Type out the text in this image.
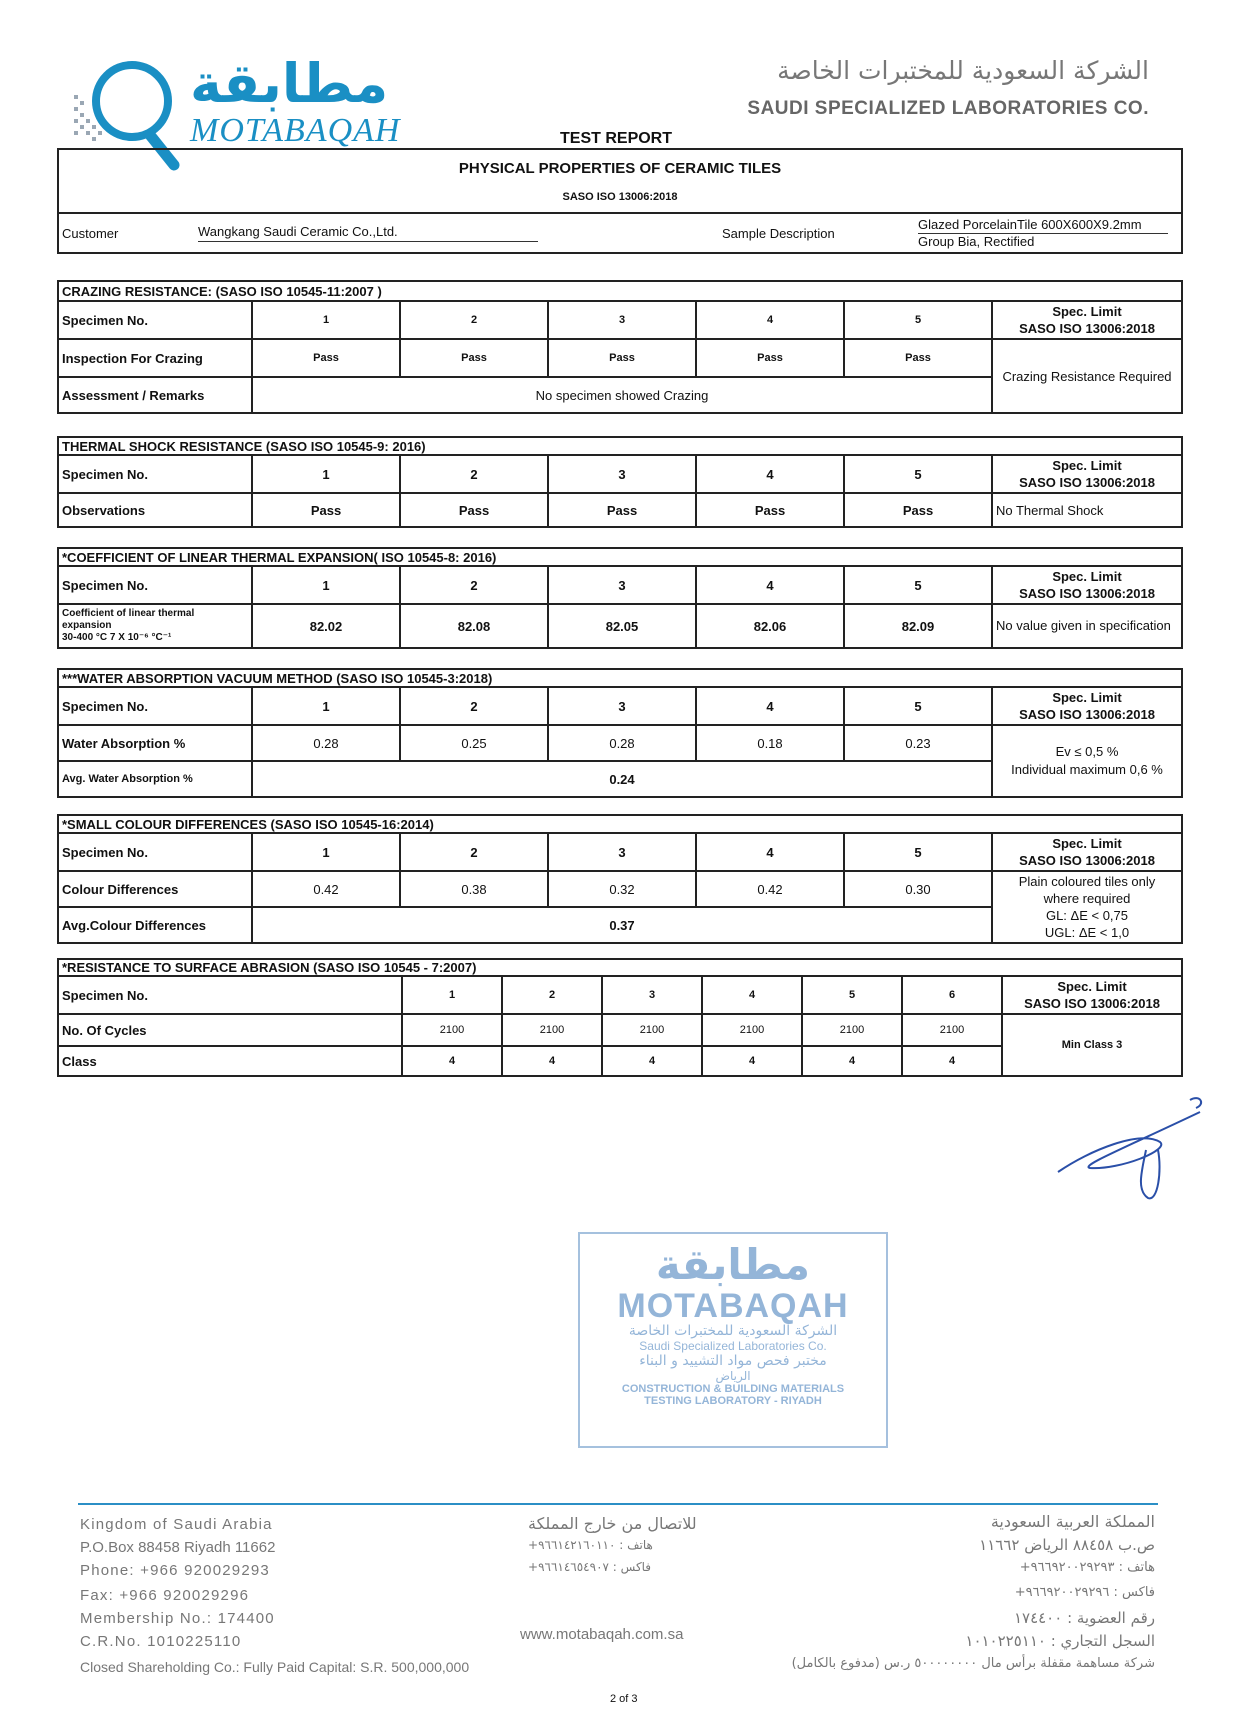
مطابقة
MOTABAQAH
الشركة السعودية للمختبرات الخاصة
SAUDI SPECIALIZED LABORATORIES CO.
TEST REPORT
PHYSICAL PROPERTIES OF CERAMIC TILES
SASO ISO 13006:2018

Customer	Wangkang Saudi Ceramic Co.,Ltd.	Sample Description	
Glazed PorcelainTile 600X600X9.2mm
Group Bia, Rectified
CRAZING RESISTANCE: (SASO ISO 10545-11:2007 )						
Specimen No.	1	2	3	4	5	Spec. Limit
SASO ISO 13006:2018

Inspection For Crazing	Pass	Pass	Pass	Pass	Pass	Crazing Resistance Required
Assessment / Remarks	No specimen showed Crazing					
THERMAL SHOCK RESISTANCE (SASO ISO 10545-9: 2016)						
Specimen No.	1	2	3	4	5	Spec. Limit
SASO ISO 13006:2018

Observations	Pass	Pass	Pass	Pass	Pass	No Thermal Shock
*COEFFICIENT OF LINEAR THERMAL EXPANSION( ISO 10545-8: 2016)						
Specimen No.	1	2	3	4	5	Spec. Limit
SASO ISO 13006:2018

Coefficient of linear thermal
expansion
30-400 °C 7 X 10⁻⁶ °C⁻¹	82.02	82.08	82.05	82.06	82.09	No value given in specification
***WATER ABSORPTION VACUUM METHOD (SASO ISO 10545-3:2018)						
Specimen No.	1	2	3	4	5	Spec. Limit
SASO ISO 13006:2018

Water Absorption %	0.28	0.25	0.28	0.18	0.23	Ev ≤ 0,5 %
Individual maximum 0,6 %

Avg. Water Absorption %	0.24					
*SMALL COLOUR DIFFERENCES (SASO ISO 10545-16:2014)						
Specimen No.	1	2	3	4	5	Spec. Limit
SASO ISO 13006:2018

Colour Differences	0.42	0.38	0.32	0.42	0.30	Plain coloured tiles only
where required
GL: ΔE < 0,75
UGL: ΔE < 1,0

Avg.Colour Differences	0.37					
*RESISTANCE TO SURFACE ABRASION (SASO ISO 10545 - 7:2007)							
Specimen No.	1	2	3	4	5	6	Spec. Limit
SASO ISO 13006:2018

No. Of Cycles	2100	2100	2100	2100	2100	2100	Min Class 3
Class	4	4	4	4	4	4	
مطابقة
MOTABAQAH
الشركة السعودية للمختبرات الخاصة
Saudi Specialized Laboratories Co.
مختبر فحص مواد التشييد و البناء
الرياض
CONSTRUCTION & BUILDING MATERIALS
TESTING LABORATORY - RIYADH
Kingdom of Saudi Arabia
P.O.Box 88458 Riyadh 11662
Phone: +966 920029293
Fax: +966 920029296
Membership No.: 174400
C.R.No. 1010225110
Closed Shareholding Co.: Fully Paid Capital: S.R. 500,000,000
للاتصال من خارج المملكة
هاتف : ٩٦٦١٤٢١٦٠١١٠+
فاكس : ٩٦٦١٤٦٥٤٩٠٧+
www.motabaqah.com.sa
المملكة العربية السعودية
ص.ب ٨٨٤٥٨ الرياض ١١٦٦٢
هاتف : ٩٦٦٩٢٠٠٢٩٢٩٣+
فاكس : ٩٦٦٩٢٠٠٢٩٢٩٦+
رقم العضوية : ١٧٤٤٠٠
السجل التجاري : ١٠١٠٢٢٥١١٠
شركة مساهمة مقفلة برأس مال ٥٠٠٠٠٠٠٠٠ ر.س (مدفوع بالكامل)
2 of 3
